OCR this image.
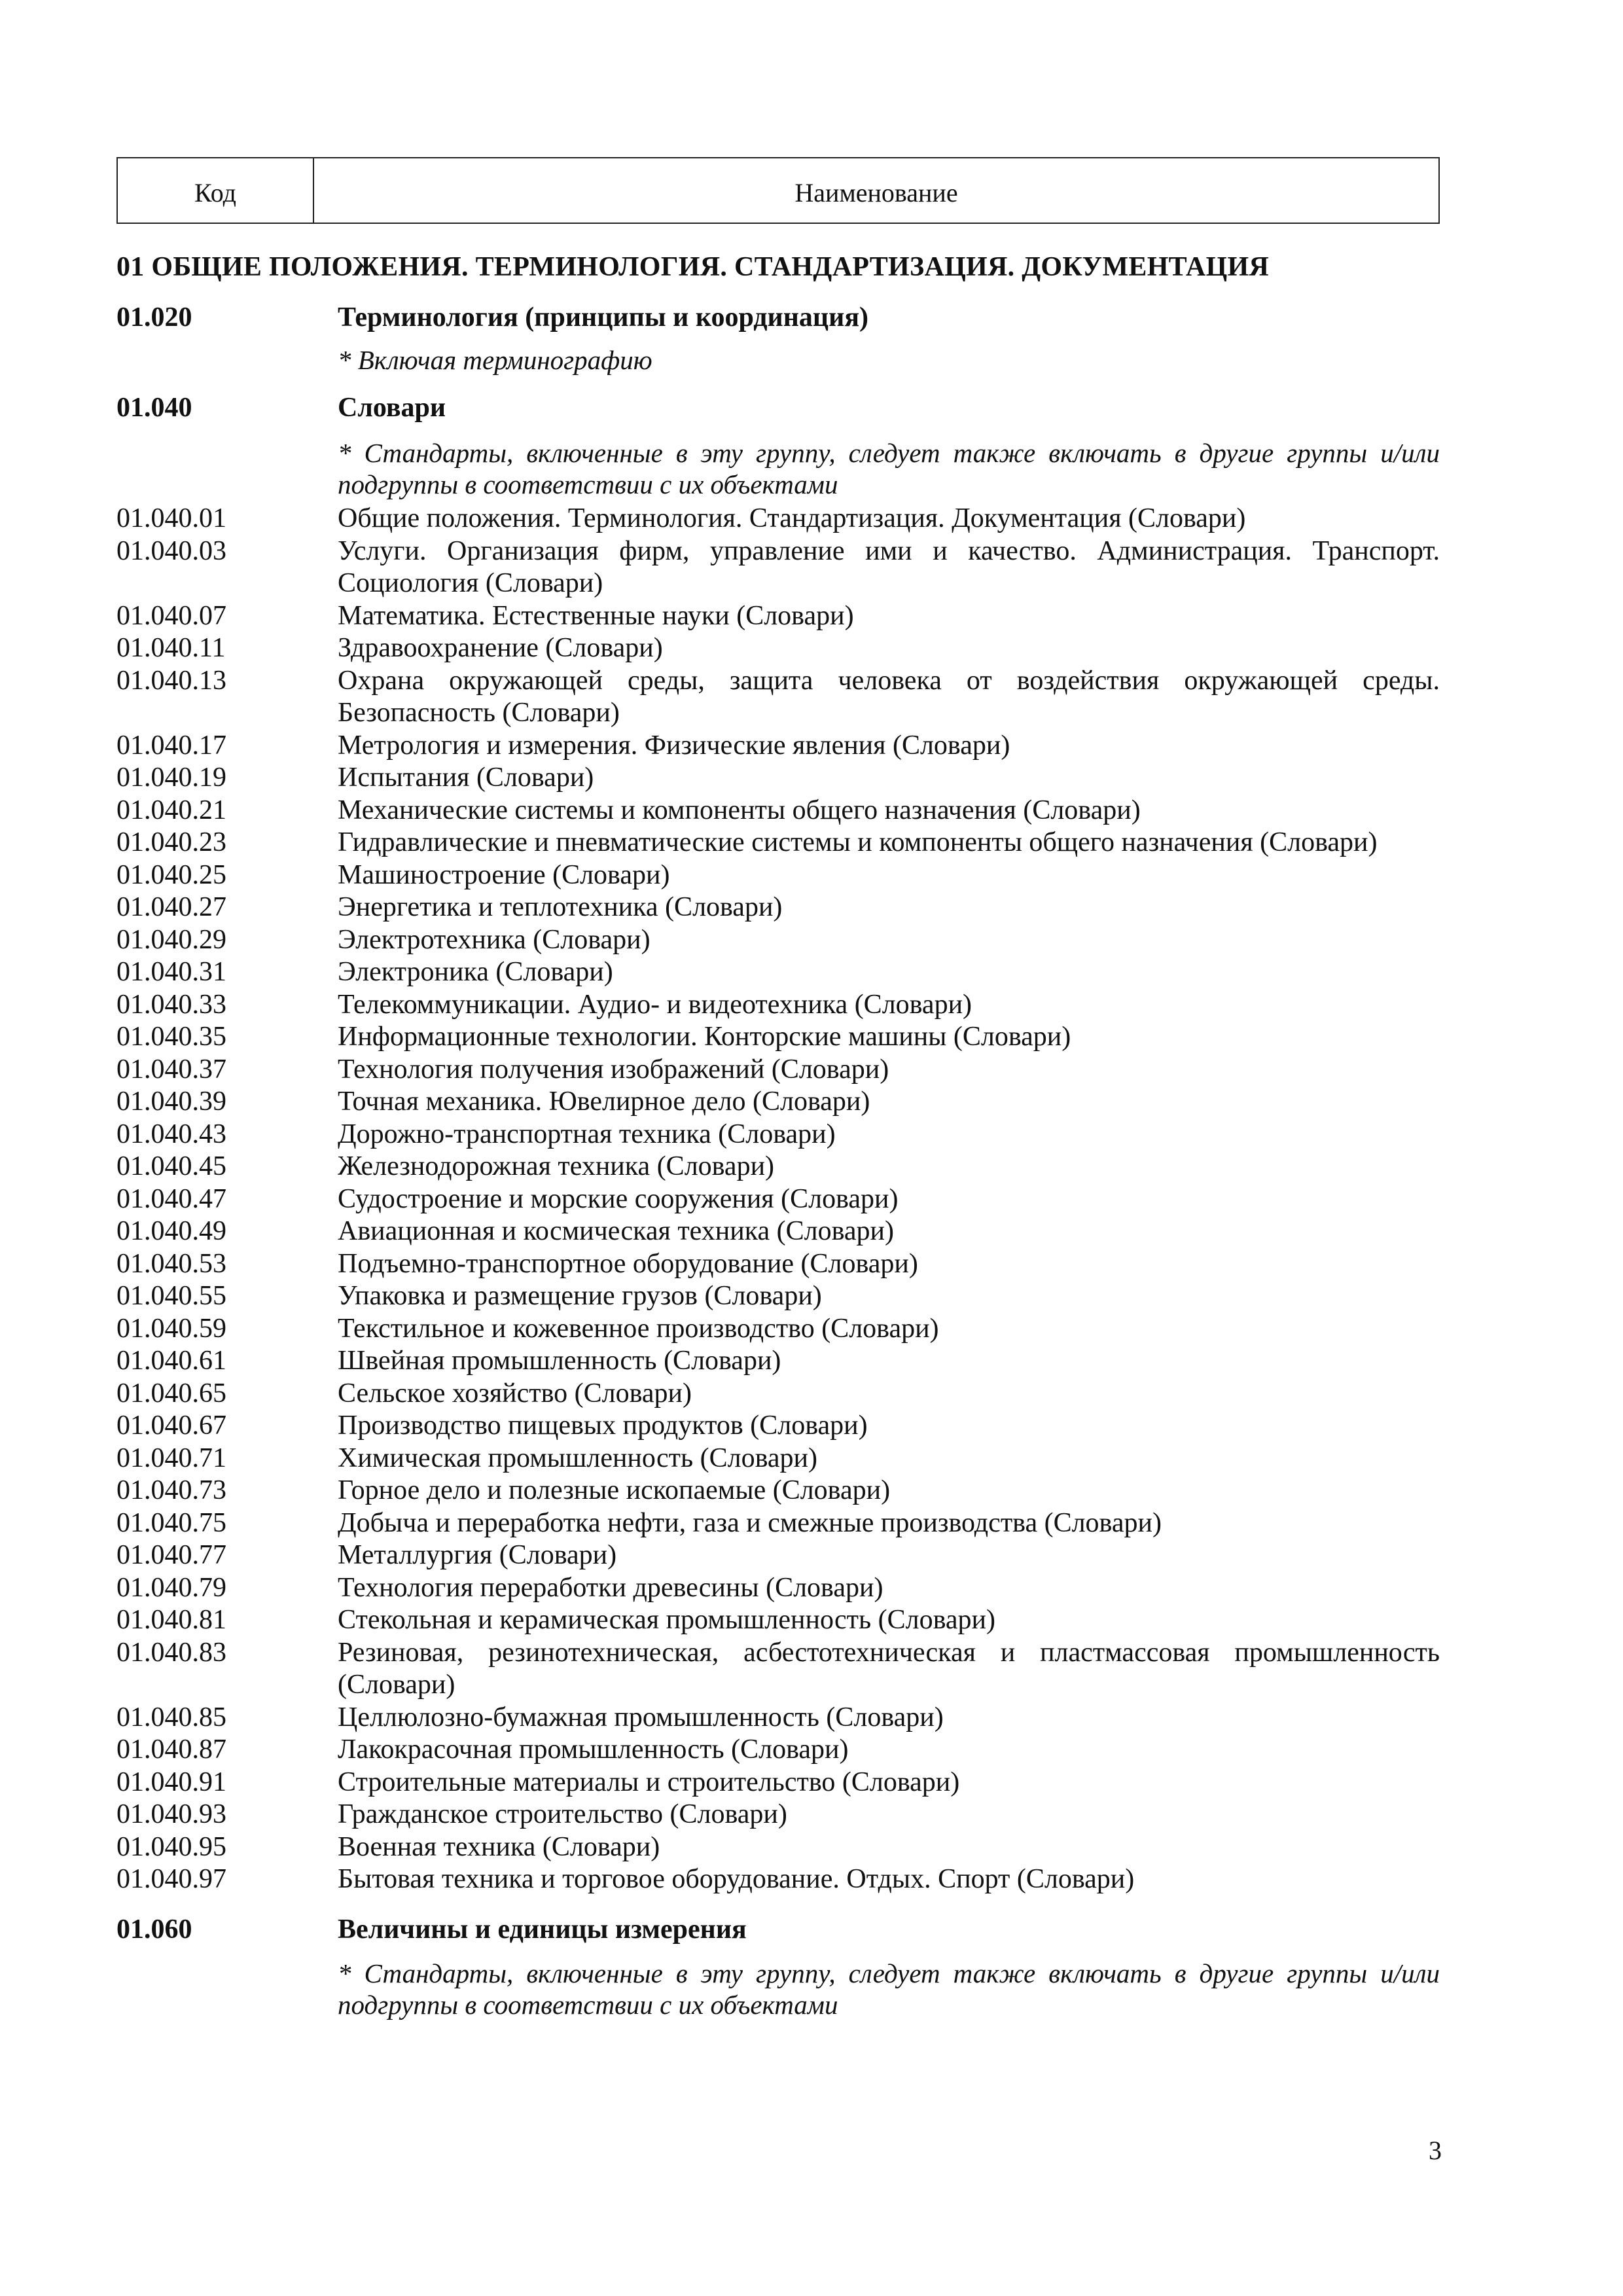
Код	Наименование
01 ОБЩИЕ ПОЛОЖЕНИЯ. ТЕРМИНОЛОГИЯ. СТАНДАРТИЗАЦИЯ. ДОКУМЕНТАЦИЯ
01.020	Терминология (принципы и координация)
* Включая терминографию
01.040	Словари
* Стандарты, включенные в эту группу, следует также включать в другие группы и/или подгруппы в соответствии с их объектами
01.040.01	Общие положения. Терминология. Стандартизация. Документация (Словари)
01.040.03	Услуги. Организация фирм, управление ими и качество. Администрация. Транспорт. Социология (Словари)
01.040.07	Математика. Естественные науки (Словари)
01.040.11	Здравоохранение (Словари)
01.040.13	Охрана окружающей среды, защита человека от воздействия окружающей среды. Безопасность (Словари)
01.040.17	Метрология и измерения. Физические явления (Словари)
01.040.19	Испытания (Словари)
01.040.21	Механические системы и компоненты общего назначения (Словари)
01.040.23	Гидравлические и пневматические системы и компоненты общего назначения (Словари)
01.040.25	Машиностроение (Словари)
01.040.27	Энергетика и теплотехника (Словари)
01.040.29	Электротехника (Словари)
01.040.31	Электроника (Словари)
01.040.33	Телекоммуникации. Аудио- и видеотехника (Словари)
01.040.35	Информационные технологии. Конторские машины (Словари)
01.040.37	Технология получения изображений (Словари)
01.040.39	Точная механика. Ювелирное дело (Словари)
01.040.43	Дорожно-транспортная техника (Словари)
01.040.45	Железнодорожная техника (Словари)
01.040.47	Судостроение и морские сооружения (Словари)
01.040.49	Авиационная и космическая техника (Словари)
01.040.53	Подъемно-транспортное оборудование (Словари)
01.040.55	Упаковка и размещение грузов (Словари)
01.040.59	Текстильное и кожевенное производство (Словари)
01.040.61	Швейная промышленность (Словари)
01.040.65	Сельское хозяйство (Словари)
01.040.67	Производство пищевых продуктов (Словари)
01.040.71	Химическая промышленность (Словари)
01.040.73	Горное дело и полезные ископаемые (Словари)
01.040.75	Добыча и переработка нефти, газа и смежные производства (Словари)
01.040.77	Металлургия (Словари)
01.040.79	Технология переработки древесины (Словари)
01.040.81	Стекольная и керамическая промышленность (Словари)
01.040.83	Резиновая, резинотехническая, асбестотехническая и пластмассовая промышленность (Словари)
01.040.85	Целлюлозно-бумажная промышленность (Словари)
01.040.87	Лакокрасочная промышленность (Словари)
01.040.91	Строительные материалы и строительство (Словари)
01.040.93	Гражданское строительство (Словари)
01.040.95	Военная техника (Словари)
01.040.97	Бытовая техника и торговое оборудование. Отдых. Спорт (Словари)
01.060	Величины и единицы измерения
* Стандарты, включенные в эту группу, следует также включать в другие группы и/или подгруппы в соответствии с их объектами
3
